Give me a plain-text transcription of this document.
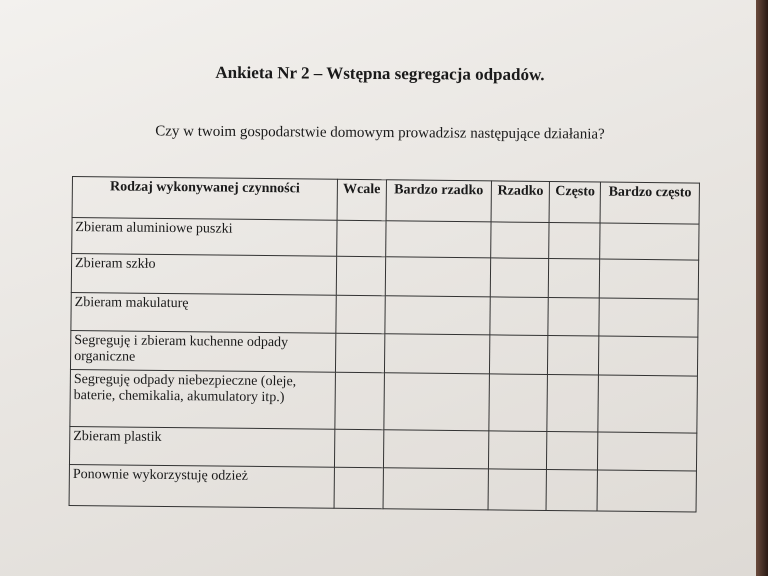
Ankieta Nr 2 – Wstępna segregacja odpadów.
Czy w twoim gospodarstwie domowym prowadzisz następujące działania?
Rodzaj wykonywanej czynności	Wcale	Bardzo rzadko	Rzadko	Często	Bardzo często
Zbieram aluminiowe puszki					
Zbieram szkło					
Zbieram makulaturę					
Segreguję i zbieram kuchenne odpady organiczne					
Segreguję odpady niebezpieczne (oleje, baterie, chemikalia, akumulatory itp.)					
Zbieram plastik					
Ponownie wykorzystuję odzież					
